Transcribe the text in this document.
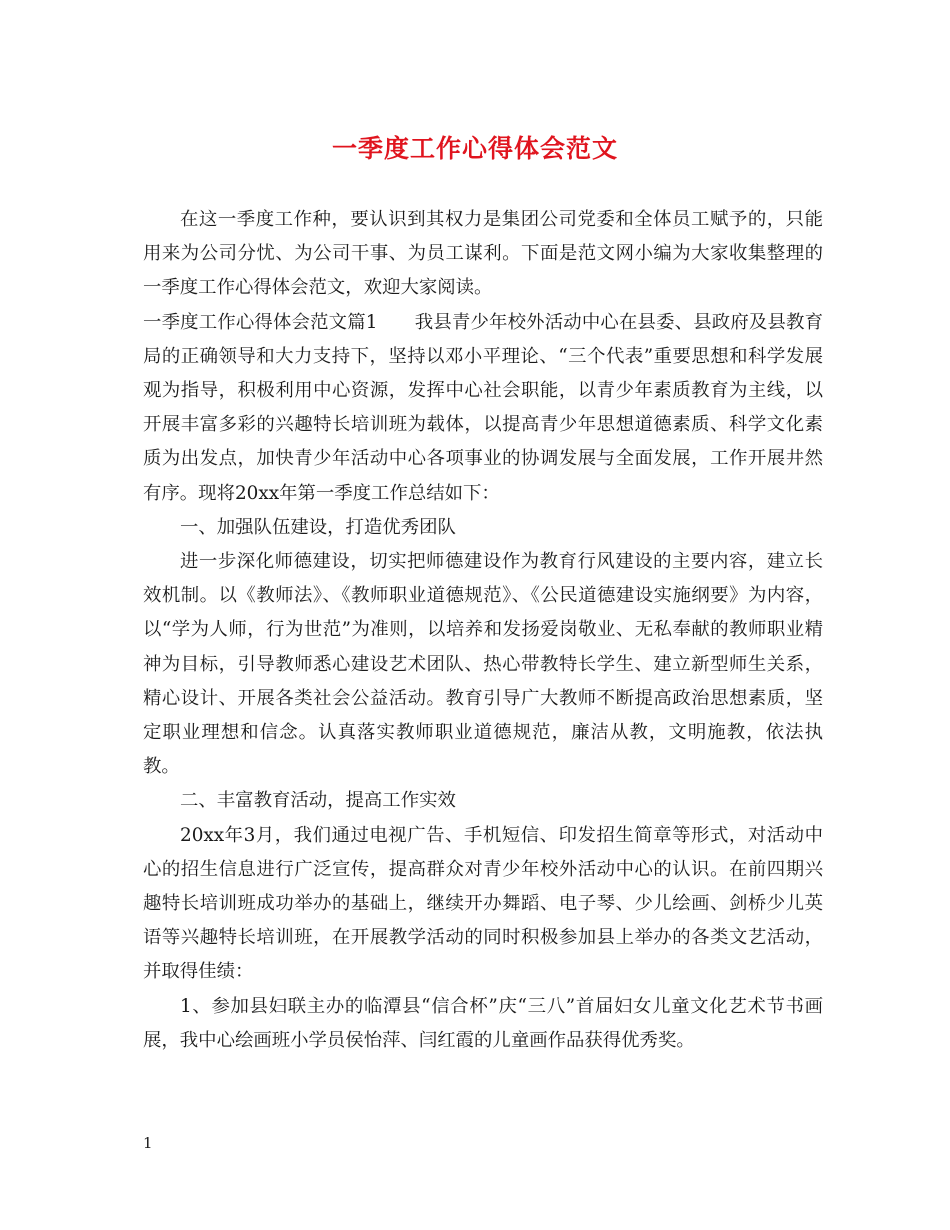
一季度工作心得体会范文

在这一季度工作种，要认识到其权力是集团公司党委和全体员工赋予的，只能用来为公司分忧、为公司干事、为员工谋利。下面是范文网小编为大家收集整理的一季度工作心得体会范文，欢迎大家阅读。

一季度工作心得体会范文篇1　　我县青少年校外活动中心在县委、县政府及县教育局的正确领导和大力支持下，坚持以邓小平理论、“三个代表”重要思想和科学发展观为指导，积极利用中心资源，发挥中心社会职能，以青少年素质教育为主线，以开展丰富多彩的兴趣特长培训班为载体，以提高青少年思想道德素质、科学文化素质为出发点，加快青少年活动中心各项事业的协调发展与全面发展，工作开展井然有序。现将20xx年第一季度工作总结如下：

一、加强队伍建设，打造优秀团队

进一步深化师德建设，切实把师德建设作为教育行风建设的主要内容，建立长效机制。以《教师法》、《教师职业道德规范》、《公民道德建设实施纲要》为内容，以“学为人师，行为世范”为准则，以培养和发扬爱岗敬业、无私奉献的教师职业精神为目标，引导教师悉心建设艺术团队、热心带教特长学生、建立新型师生关系，精心设计、开展各类社会公益活动。教育引导广大教师不断提高政治思想素质，坚定职业理想和信念。认真落实教师职业道德规范，廉洁从教，文明施教，依法执教。

二、丰富教育活动，提高工作实效

20xx年3月，我们通过电视广告、手机短信、印发招生简章等形式，对活动中心的招生信息进行广泛宣传，提高群众对青少年校外活动中心的认识。在前四期兴趣特长培训班成功举办的基础上，继续开办舞蹈、电子琴、少儿绘画、剑桥少儿英语等兴趣特长培训班，在开展教学活动的同时积极参加县上举办的各类文艺活动，并取得佳绩：

1、参加县妇联主办的临潭县“信合杯”庆“三八”首届妇女儿童文化艺术节书画展，我中心绘画班小学员侯怡萍、闫红霞的儿童画作品获得优秀奖。

1
